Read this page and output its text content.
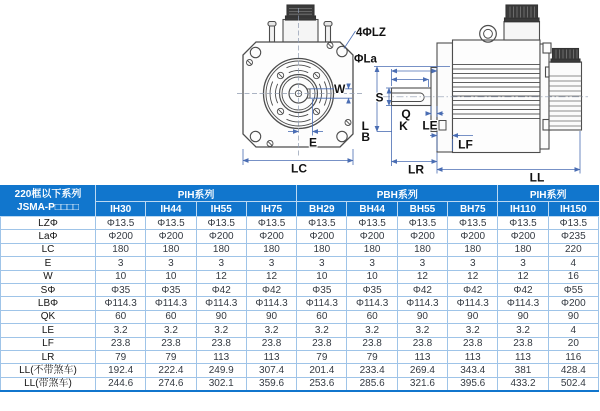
4ΦLZ
ΦLa
W
E
LC
S
Q
K
L
B
LE
LF
LR
LL
220框以下系列
JSMA-P□□□□	PIH系列				PBH系列				PIH系列	
	IH30	IH44	IH55	IH75	BH29	BH44	BH55	BH75	IH110	IH150
LZΦ	Φ13.5	Φ13.5	Φ13.5	Φ13.5	Φ13.5	Φ13.5	Φ13.5	Φ13.5	Φ13.5	Φ13.5
LaΦ	Φ200	Φ200	Φ200	Φ200	Φ200	Φ200	Φ200	Φ200	Φ200	Φ235
LC	180	180	180	180	180	180	180	180	180	220
E	3	3	3	3	3	3	3	3	3	4
W	10	10	12	12	10	10	12	12	12	16
SΦ	Φ35	Φ35	Φ42	Φ42	Φ35	Φ35	Φ42	Φ42	Φ42	Φ55
LBΦ	Φ114.3	Φ114.3	Φ114.3	Φ114.3	Φ114.3	Φ114.3	Φ114.3	Φ114.3	Φ114.3	Φ200
QK	60	60	90	90	60	60	90	90	90	90
LE	3.2	3.2	3.2	3.2	3.2	3.2	3.2	3.2	3.2	4
LF	23.8	23.8	23.8	23.8	23.8	23.8	23.8	23.8	23.8	20
LR	79	79	113	113	79	79	113	113	113	116
LL(不带煞车)	192.4	222.4	249.9	307.4	201.4	233.4	269.4	343.4	381	428.4
LL(带煞车)	244.6	274.6	302.1	359.6	253.6	285.6	321.6	395.6	433.2	502.4
